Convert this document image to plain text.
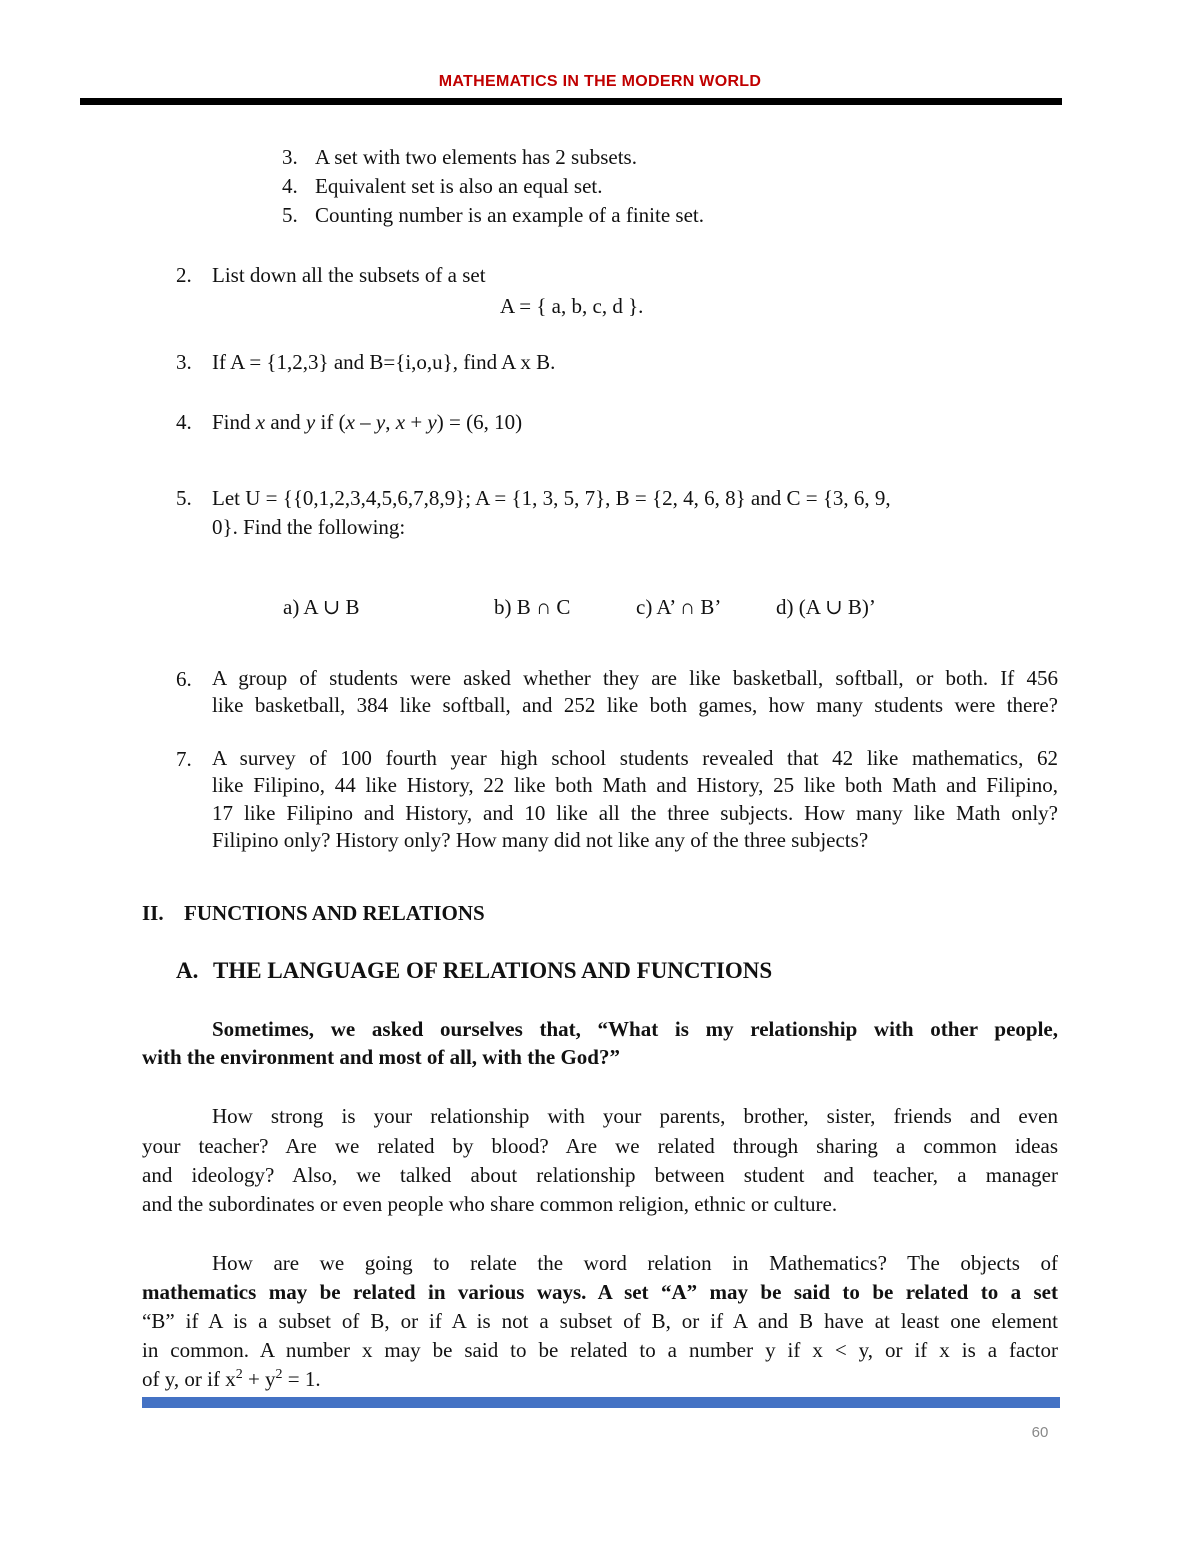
MATHEMATICS IN THE MODERN WORLD
3. A set with two elements has 2 subsets.
4. Equivalent set is also an equal set.
5. Counting number is an example of a finite set.
2. List down all the subsets of a set
A = { a, b, c, d }.
3. If A = {1,2,3} and B={i,o,u}, find A x B.
4. Find x and y if (x – y, x + y) = (6, 10)
5. Let U = {{0,1,2,3,4,5,6,7,8,9}; A = {1, 3, 5, 7}, B = {2, 4, 6, 8} and C = {3, 6, 9,
0}. Find the following:
a) A ∪ B	b) B ∩ C	c) A’ ∩ B’	d) (A ∪ B)’
6. A group of students were asked whether they are like basketball, softball, or both. If 456
like basketball, 384 like softball, and 252 like both games, how many students were there?
7. A survey of 100 fourth year high school students revealed that 42 like mathematics, 62
like Filipino, 44 like History, 22 like both Math and History, 25 like both Math and Filipino,
17 like Filipino and History, and 10 like all the three subjects. How many like Math only?
Filipino only? History only? How many did not like any of the three subjects?
II. FUNCTIONS AND RELATIONS
A. THE LANGUAGE OF RELATIONS AND FUNCTIONS
Sometimes, we asked ourselves that, “What is my relationship with other people,
with the environment and most of all, with the God?”
How strong is your relationship with your parents, brother, sister, friends and even
your teacher? Are we related by blood? Are we related through sharing a common ideas
and ideology? Also, we talked about relationship between student and teacher, a manager
and the subordinates or even people who share common religion, ethnic or culture.
How are we going to relate the word relation in Mathematics? The objects of
mathematics may be related in various ways. A set “A” may be said to be related to a set
“B” if A is a subset of B, or if A is not a subset of B, or if A and B have at least one element
in common. A number x may be said to be related to a number y if x < y, or if x is a factor
of y, or if $x^2 + y^2 = 1$.
60
